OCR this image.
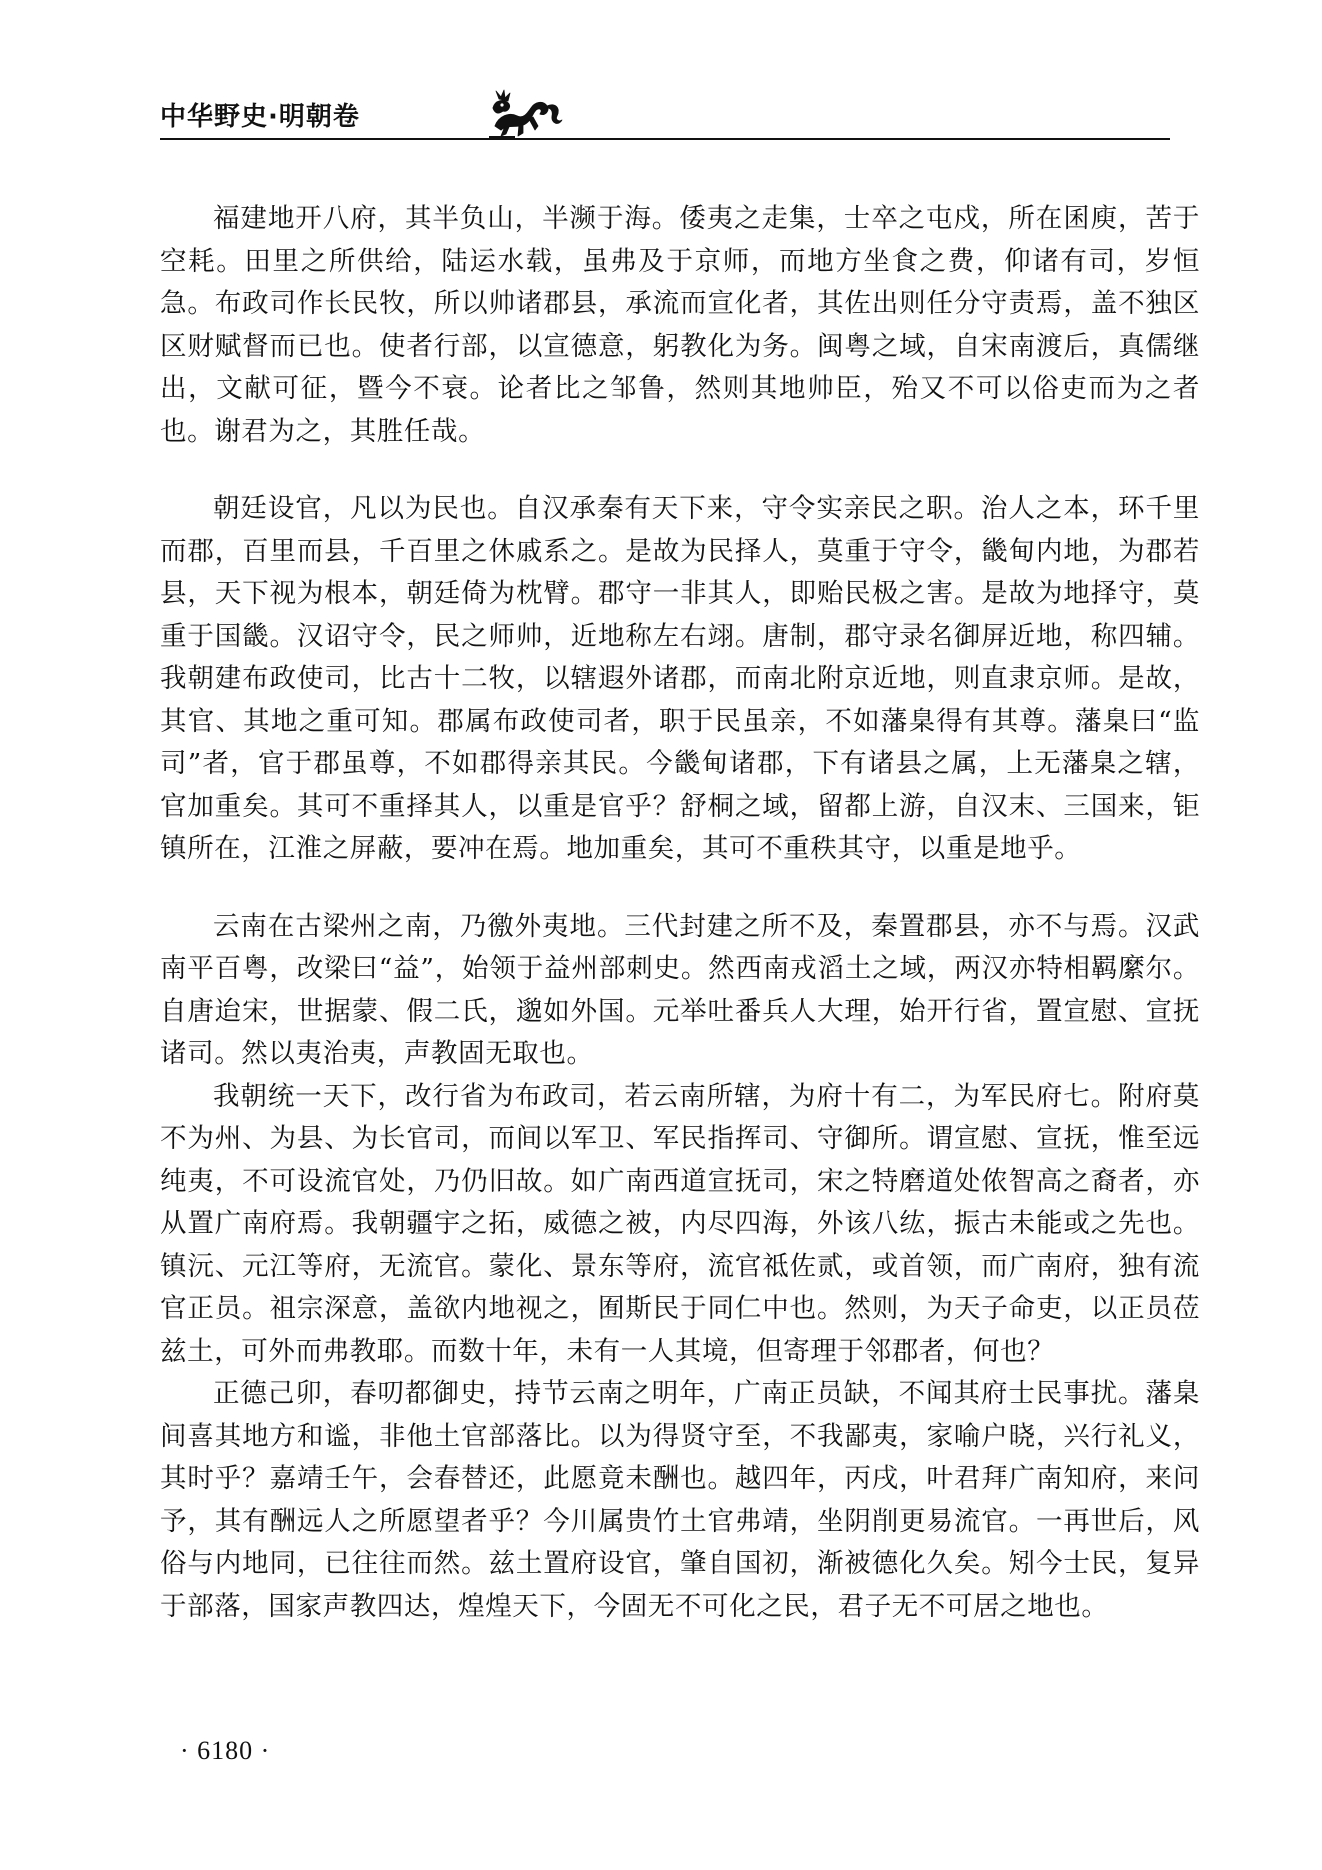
中华野史·明朝卷

福建地开八府，其半负山，半濒于海。倭夷之走集，士卒之屯戍，所在囷庾，苦于空耗。田里之所供给，陆运水载，虽弗及于京师，而地方坐食之费，仰诸有司，岁恒急。布政司作长民牧，所以帅诸郡县，承流而宣化者，其佐出则任分守责焉，盖不独区区财赋督而已也。使者行部，以宣德意，躬教化为务。闽粤之域，自宋南渡后，真儒继出，文献可征，暨今不衰。论者比之邹鲁，然则其地帅臣，殆又不可以俗吏而为之者也。谢君为之，其胜任哉。

朝廷设官，凡以为民也。自汉承秦有天下来，守令实亲民之职。治人之本，环千里而郡，百里而县，千百里之休戚系之。是故为民择人，莫重于守令，畿甸内地，为郡若县，天下视为根本，朝廷倚为枕臂。郡守一非其人，即贻民极之害。是故为地择守，莫重于国畿。汉诏守令，民之师帅，近地称左右翊。唐制，郡守录名御屏近地，称四辅。我朝建布政使司，比古十二牧，以辖遐外诸郡，而南北附京近地，则直隶京师。是故，其官、其地之重可知。郡属布政使司者，职于民虽亲，不如藩臬得有其尊。藩臬曰“监司”者，官于郡虽尊，不如郡得亲其民。今畿甸诸郡，下有诸县之属，上无藩臬之辖，官加重矣。其可不重择其人，以重是官乎？舒桐之域，留都上游，自汉末、三国来，钜镇所在，江淮之屏蔽，要冲在焉。地加重矣，其可不重秩其守，以重是地乎。

云南在古梁州之南，乃徼外夷地。三代封建之所不及，秦置郡县，亦不与焉。汉武南平百粤，改梁曰“益”，始领于益州部刺史。然西南戎滔土之域，两汉亦特相羁縻尔。自唐迨宋，世据蒙、假二氏，邈如外国。元举吐番兵人大理，始开行省，置宣慰、宣抚诸司。然以夷治夷，声教固无取也。

我朝统一天下，改行省为布政司，若云南所辖，为府十有二，为军民府七。附府莫不为州、为县、为长官司，而间以军卫、军民指挥司、守御所。谓宣慰、宣抚，惟至远纯夷，不可设流官处，乃仍旧故。如广南西道宣抚司，宋之特磨道处侬智高之裔者，亦从置广南府焉。我朝疆宇之拓，威德之被，内尽四海，外该八纮，振古未能或之先也。镇沅、元江等府，无流官。蒙化、景东等府，流官祗佐贰，或首领，而广南府，独有流官正员。祖宗深意，盖欲内地视之，囿斯民于同仁中也。然则，为天子命吏，以正员莅兹土，可外而弗教耶。而数十年，未有一人其境，但寄理于邻郡者，何也？

正德己卯，春叨都御史，持节云南之明年，广南正员缺，不闻其府士民事扰。藩臬间喜其地方和谧，非他土官部落比。以为得贤守至，不我鄙夷，家喻户晓，兴行礼义，其时乎？嘉靖壬午，会春替还，此愿竟未酬也。越四年，丙戌，叶君拜广南知府，来问予，其有酬远人之所愿望者乎？今川属贵竹土官弗靖，坐阴削更易流官。一再世后，风俗与内地同，已往往而然。兹土置府设官，肇自国初，渐被德化久矣。矧今士民，复异于部落，国家声教四达，煌煌天下，今固无不可化之民，君子无不可居之地也。

· 6180 ·
